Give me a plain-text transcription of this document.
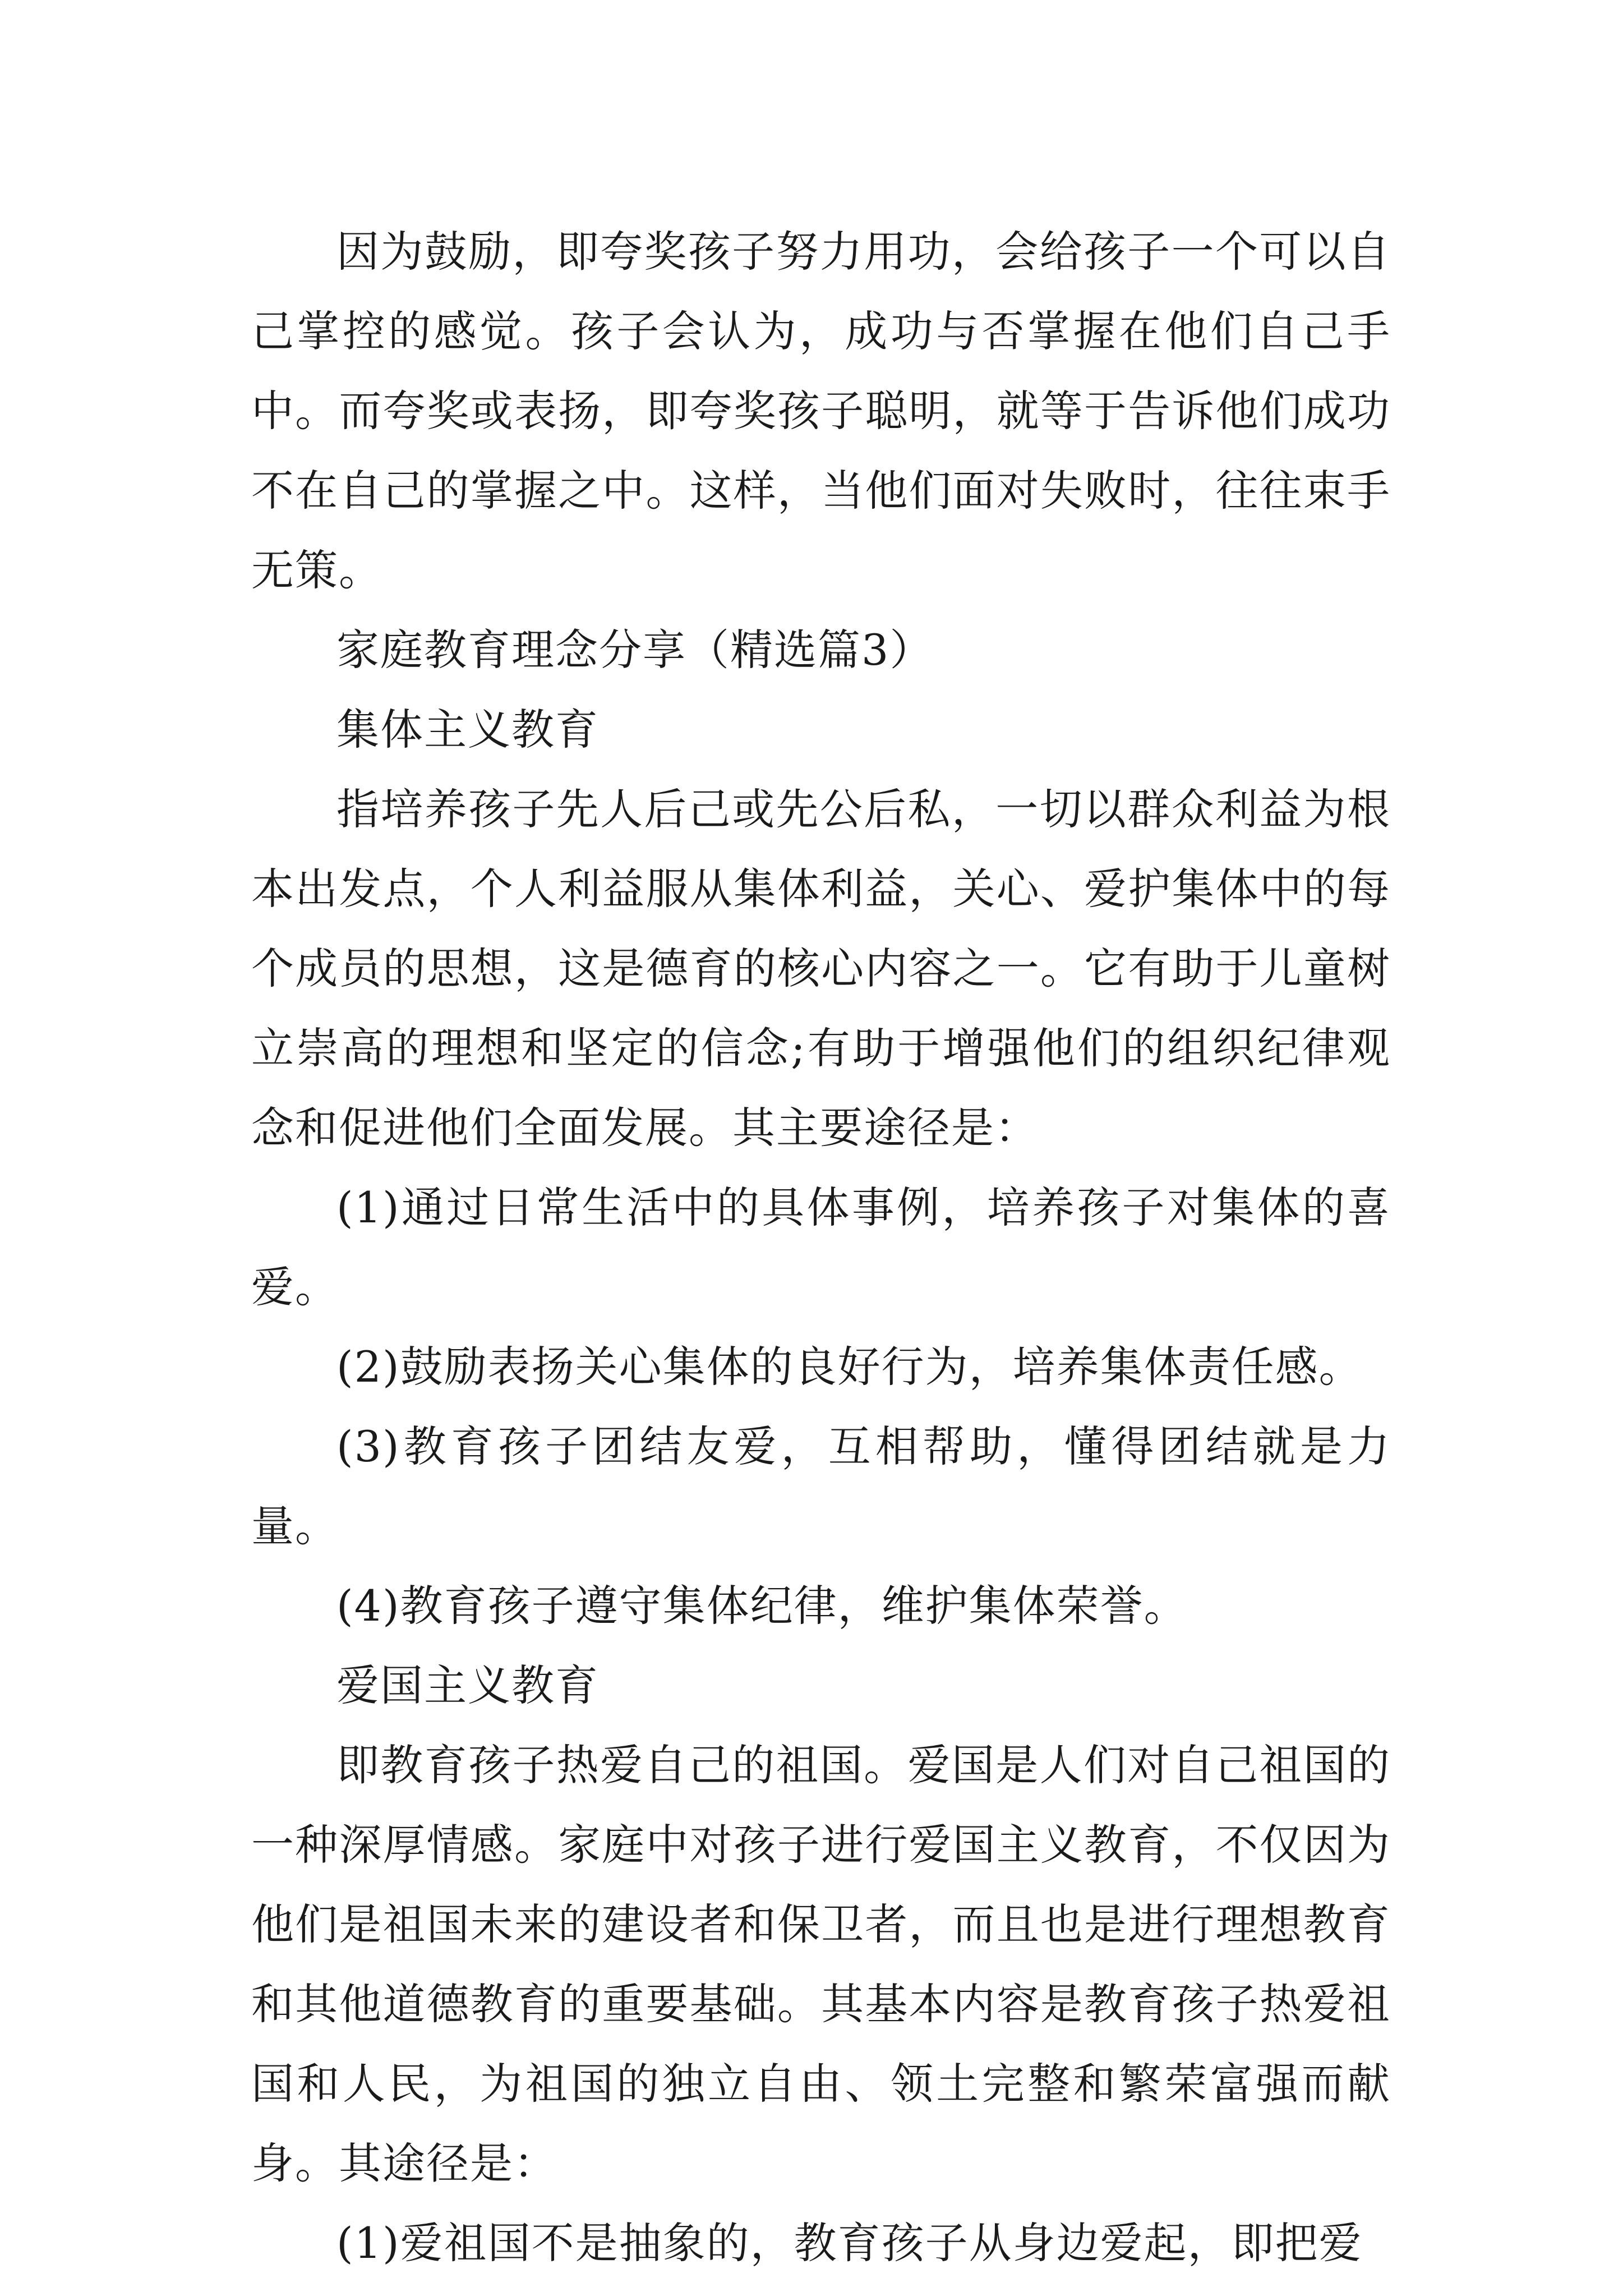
因为鼓励，即夸奖孩子努力用功，会给孩子一个可以自己掌控的感觉。孩子会认为，成功与否掌握在他们自己手中。而夸奖或表扬，即夸奖孩子聪明，就等于告诉他们成功不在自己的掌握之中。这样，当他们面对失败时，往往束手无策。

家庭教育理念分享（精选篇3）

集体主义教育

指培养孩子先人后己或先公后私，一切以群众利益为根本出发点，个人利益服从集体利益，关心、爱护集体中的每个成员的思想，这是德育的核心内容之一。它有助于儿童树立崇高的理想和坚定的信念;有助于增强他们的组织纪律观念和促进他们全面发展。其主要途径是：

(1)通过日常生活中的具体事例，培养孩子对集体的喜爱。

(2)鼓励表扬关心集体的良好行为，培养集体责任感。

(3)教育孩子团结友爱，互相帮助，懂得团结就是力量。

(4)教育孩子遵守集体纪律，维护集体荣誉。

爱国主义教育

即教育孩子热爱自己的祖国。爱国是人们对自己祖国的一种深厚情感。家庭中对孩子进行爱国主义教育，不仅因为他们是祖国未来的建设者和保卫者，而且也是进行理想教育和其他道德教育的重要基础。其基本内容是教育孩子热爱祖国和人民，为祖国的独立自由、领土完整和繁荣富强而献身。其途径是：

(1)爱祖国不是抽象的，教育孩子从身边爱起，即把爱
